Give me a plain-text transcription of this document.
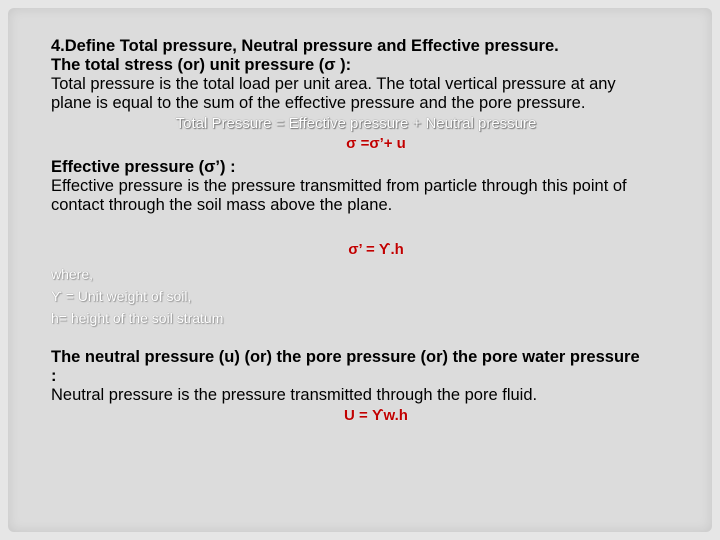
4.Define Total pressure, Neutral pressure and Effective pressure.
The total stress (or) unit pressure (σ ):
Total pressure is the total load per unit area. The total vertical pressure at any
plane is equal to the sum of the effective pressure and the pore pressure.
Total Pressure = Effective pressure + Neutral pressure
σ =σ’+ u
Effective pressure (σ’) :
Effective pressure is the pressure transmitted from particle through this point of
contact through the soil mass above the plane.
σ’ = ϒ.h
where,
ϒ = Unit weight of soil,
h= height of the soil stratum
The neutral pressure (u) (or) the pore pressure (or) the pore water pressure
:
Neutral pressure is the pressure transmitted through the pore fluid.
U = ϒw.h
